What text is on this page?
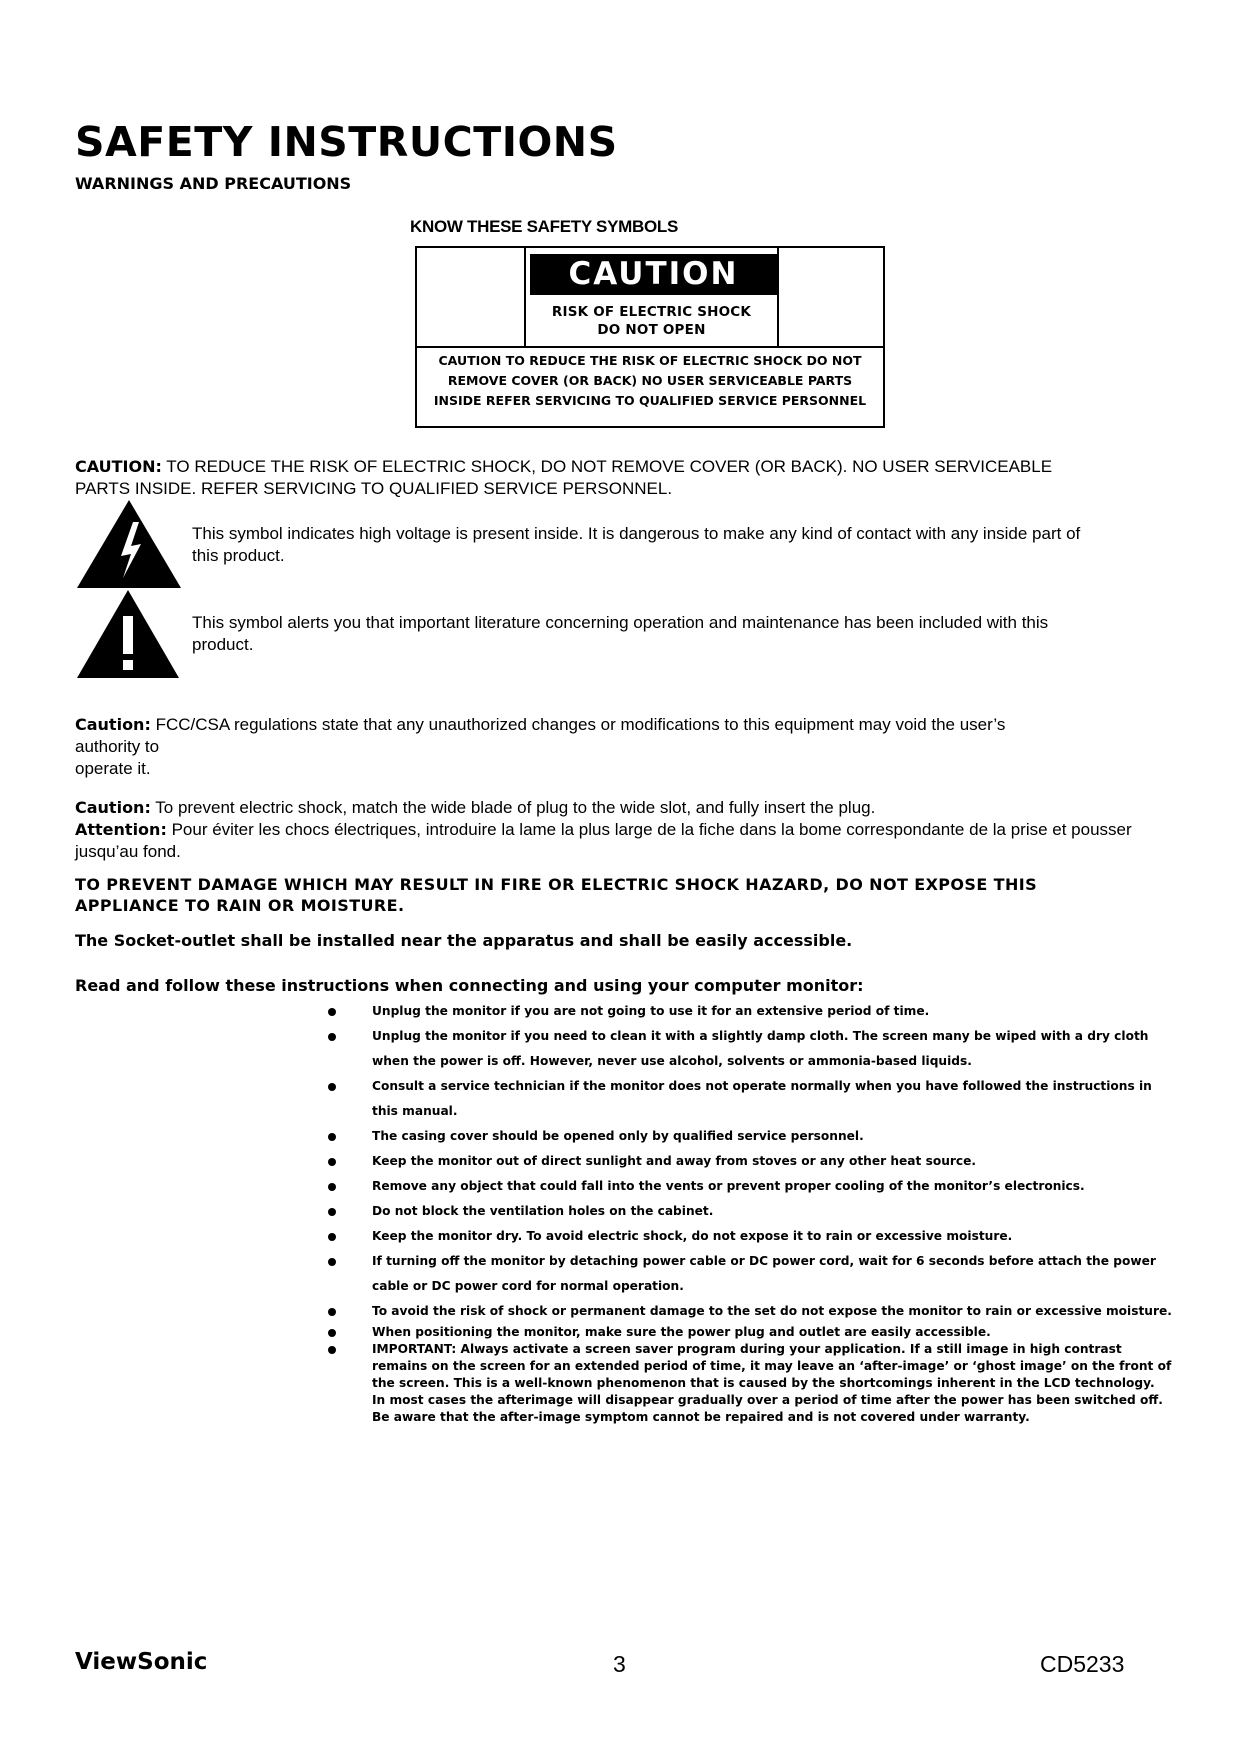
SAFETY INSTRUCTIONS
WARNINGS AND PRECAUTIONS
KNOW THESE SAFETY SYMBOLS
CAUTION
RISK OF ELECTRIC SHOCK
DO NOT OPEN
CAUTION TO REDUCE THE RISK OF ELECTRIC SHOCK DO NOT
REMOVE COVER (OR BACK) NO USER SERVICEABLE PARTS
INSIDE REFER SERVICING TO QUALIFIED SERVICE PERSONNEL
CAUTION: TO REDUCE THE RISK OF ELECTRIC SHOCK, DO NOT REMOVE COVER (OR BACK). NO USER SERVICEABLE PARTS INSIDE. REFER SERVICING TO QUALIFIED SERVICE PERSONNEL.
This symbol indicates high voltage is present inside. It is dangerous to make any kind of contact with any inside part of this product.
This symbol alerts you that important literature concerning operation and maintenance has been included with this product.
Caution: FCC/CSA regulations state that any unauthorized changes or modifications to this equipment may void the user’s
authority to
operate it.
Caution: To prevent electric shock, match the wide blade of plug to the wide slot, and fully insert the plug.
Attention: Pour éviter les chocs électriques, introduire la lame la plus large de la fiche dans la bome correspondante de la prise et pousser jusqu’au fond.
TO PREVENT DAMAGE WHICH MAY RESULT IN FIRE OR ELECTRIC SHOCK HAZARD, DO NOT EXPOSE THIS APPLIANCE TO RAIN OR MOISTURE.
The Socket-outlet shall be installed near the apparatus and shall be easily accessible.
Read and follow these instructions when connecting and using your computer monitor:
Unplug the monitor if you are not going to use it for an extensive period of time.
Unplug the monitor if you need to clean it with a slightly damp cloth. The screen many be wiped with a dry cloth when the power is off. However, never use alcohol, solvents or ammonia-based liquids.
Consult a service technician if the monitor does not operate normally when you have followed the instructions in this manual.
The casing cover should be opened only by qualified service personnel.
Keep the monitor out of direct sunlight and away from stoves or any other heat source.
Remove any object that could fall into the vents or prevent proper cooling of the monitor’s electronics.
Do not block the ventilation holes on the cabinet.
Keep the monitor dry. To avoid electric shock, do not expose it to rain or excessive moisture.
If turning off the monitor by detaching power cable or DC power cord, wait for 6 seconds before attach the power cable or DC power cord for normal operation.
To avoid the risk of shock or permanent damage to the set do not expose the monitor to rain or excessive moisture.
When positioning the monitor, make sure the power plug and outlet are easily accessible.
IMPORTANT: Always activate a screen saver program during your application. If a still image in high contrast remains on the screen for an extended period of time, it may leave an ‘after-image’ or ‘ghost image’ on the front of the screen. This is a well-known phenomenon that is caused by the shortcomings inherent in the LCD technology. In most cases the afterimage will disappear gradually over a period of time after the power has been switched off. Be aware that the after-image symptom cannot be repaired and is not covered under warranty.
ViewSonic	3	CD5233
